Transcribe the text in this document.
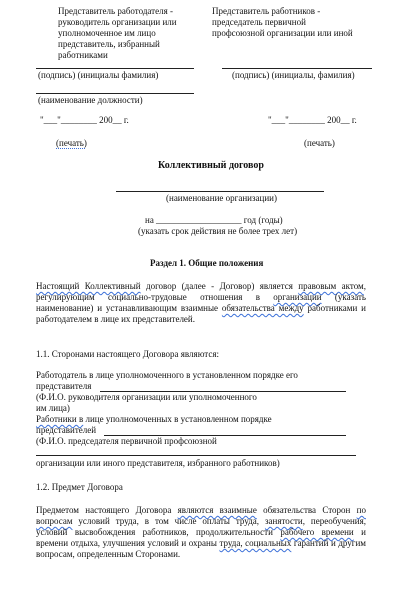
Представитель работодателя -
руководитель организации или
уполномоченное им лицо
представитель, избранный
работниками
Представитель работников -
председатель первичной
профсоюзной организации или иной
(подпись) (инициалы фамилия)	(подпись) (инициалы, фамилия)
(наименование должности)
"___"________ 200__ г.	"___"________ 200__ г.
(печать)	(печать)
Коллективный договор
(наименование организации)
на ___________________ год (годы)
(указать срок действия не более трех лет)
Раздел 1. Общие положения
Настоящий Коллективный договор (далее - Договор) является правовым актом, регулирующим социально-трудовые отношения в организации (указать наименование) и устанавливающим взаимные обязательства между работниками и работодателем в лице их представителей.
1.1. Сторонами настоящего Договора являются:
Работодатель в лице уполномоченного в установленном порядке его
представителя
(Ф.И.О. руководителя организации или уполномоченного
им лица)
Работники в лице уполномоченных в установленном порядке
представителей
(Ф.И.О. председателя первичной профсоюзной
организации или иного представителя, избранного работников)
1.2. Предмет Договора
Предметом настоящего Договора являются взаимные обязательства Сторон по вопросам условий труда, в том числе оплаты труда, занятости, переобучения, условий высвобождения работников, продолжительности рабочего времени и времени отдыха, улучшения условий и охраны труда, социальных гарантий и другим вопросам, определенным Сторонами.
